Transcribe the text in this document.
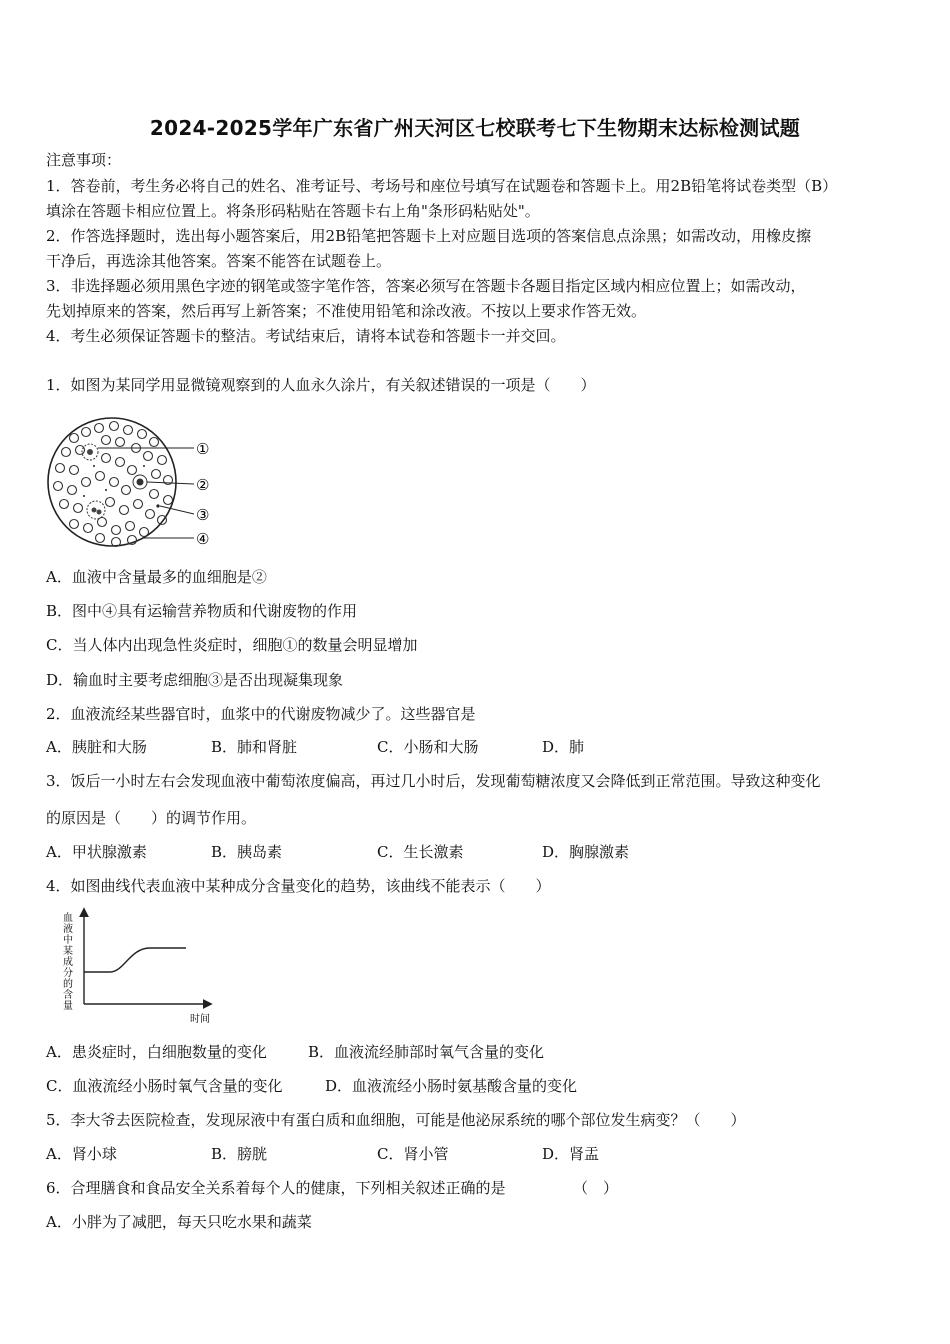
2024-2025学年广东省广州天河区七校联考七下生物期末达标检测试题
注意事项：
1．答卷前，考生务必将自己的姓名、准考证号、考场号和座位号填写在试题卷和答题卡上。用2B铅笔将试卷类型（B）
填涂在答题卡相应位置上。将条形码粘贴在答题卡右上角"条形码粘贴处"。
2．作答选择题时，选出每小题答案后，用2B铅笔把答题卡上对应题目选项的答案信息点涂黑；如需改动，用橡皮擦
干净后，再选涂其他答案。答案不能答在试题卷上。
3．非选择题必须用黑色字迹的钢笔或签字笔作答，答案必须写在答题卡各题目指定区域内相应位置上；如需改动，
先划掉原来的答案，然后再写上新答案；不准使用铅笔和涂改液。不按以上要求作答无效。
4．考生必须保证答题卡的整洁。考试结束后，请将本试卷和答题卡一并交回。
1．如图为某同学用显微镜观察到的人血永久涂片，有关叙述错误的一项是（　　）
①
②
③
④
A．血液中含量最多的血细胞是②
B．图中④具有运输营养物质和代谢废物的作用
C．当人体内出现急性炎症时，细胞①的数量会明显增加
D．输血时主要考虑细胞③是否出现凝集现象
2．血液流经某些器官时，血浆中的代谢废物减少了。这些器官是
A．胰脏和大肠	B．肺和肾脏	C．小肠和大肠	D．肺
3．饭后一小时左右会发现血液中葡萄浓度偏高，再过几小时后，发现葡萄糖浓度又会降低到正常范围。导致这种变化
的原因是（　　）的调节作用。
A．甲状腺激素	B．胰岛素	C．生长激素	D．胸腺激素
4．如图曲线代表血液中某种成分含量变化的趋势，该曲线不能表示（　　）
血液中某成分的含量
时间
A．患炎症时，白细胞数量的变化	B．血液流经肺部时氧气含量的变化
C．血液流经小肠时氧气含量的变化	D．血液流经小肠时氨基酸含量的变化
5．李大爷去医院检查，发现尿液中有蛋白质和血细胞，可能是他泌尿系统的哪个部位发生病变？（　　）
A．肾小球	B．膀胱	C．肾小管	D．肾盂
6．合理膳食和食品安全关系着每个人的健康，下列相关叙述正确的是　　　　　（　）
A．小胖为了减肥，每天只吃水果和蔬菜
